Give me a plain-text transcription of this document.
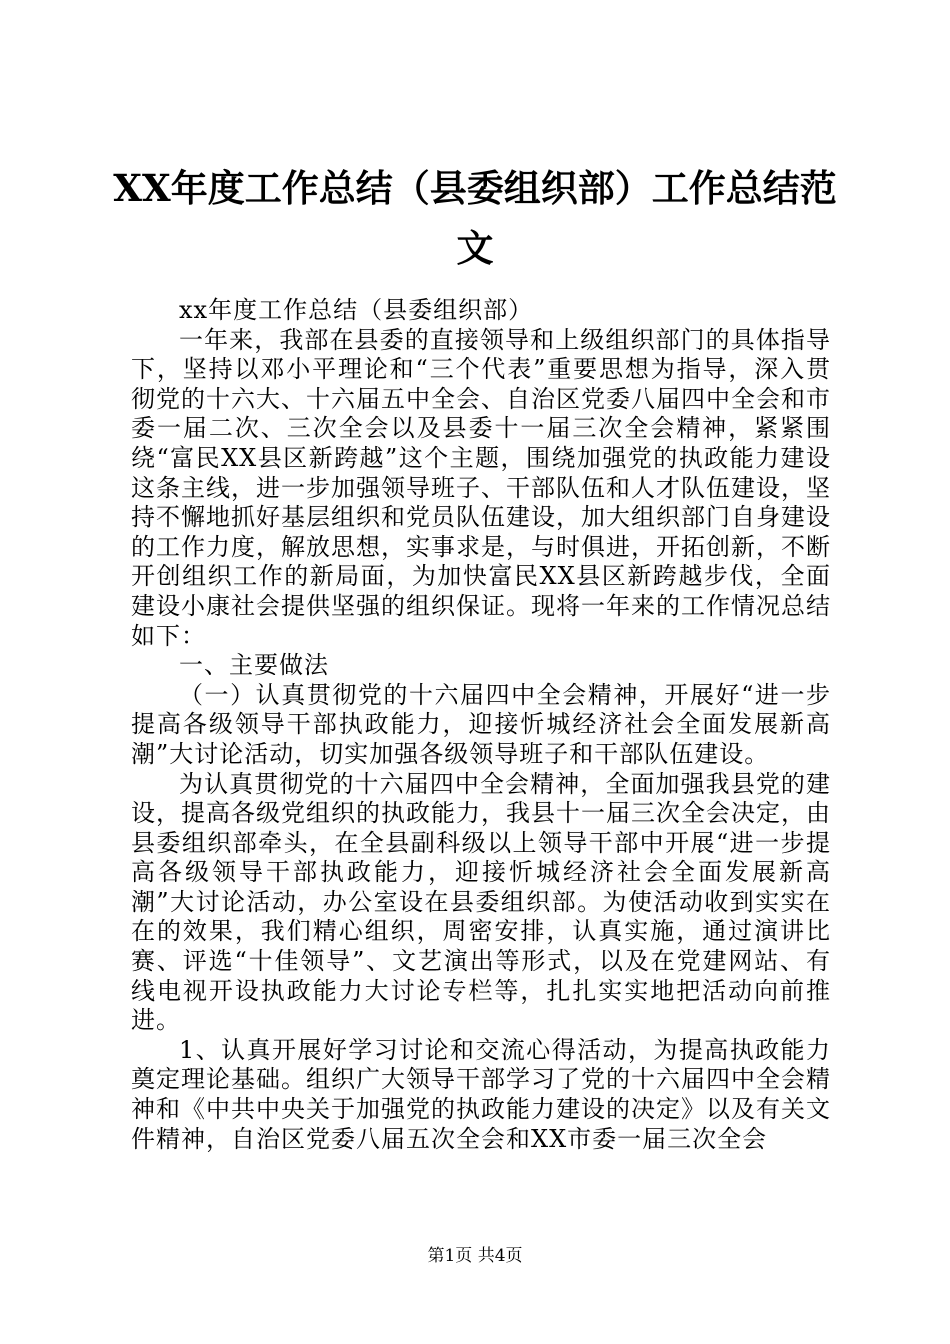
XX年度工作总结（县委组织部）工作总结范文

xx年度工作总结（县委组织部）

一年来，我部在县委的直接领导和上级组织部门的具体指导下，坚持以邓小平理论和“三个代表”重要思想为指导，深入贯彻党的十六大、十六届五中全会、自治区党委八届四中全会和市委一届二次、三次全会以及县委十一届三次全会精神，紧紧围绕“富民XX县区新跨越”这个主题，围绕加强党的执政能力建设这条主线，进一步加强领导班子、干部队伍和人才队伍建设，坚持不懈地抓好基层组织和党员队伍建设，加大组织部门自身建设的工作力度，解放思想，实事求是，与时俱进，开拓创新，不断开创组织工作的新局面，为加快富民XX县区新跨越步伐，全面建设小康社会提供坚强的组织保证。现将一年来的工作情况总结如下：

一、主要做法

（一）认真贯彻党的十六届四中全会精神，开展好“进一步提高各级领导干部执政能力，迎接忻城经济社会全面发展新高潮”大讨论活动，切实加强各级领导班子和干部队伍建设。

为认真贯彻党的十六届四中全会精神，全面加强我县党的建设，提高各级党组织的执政能力，我县十一届三次全会决定，由县委组织部牵头，在全县副科级以上领导干部中开展“进一步提高各级领导干部执政能力，迎接忻城经济社会全面发展新高潮”大讨论活动，办公室设在县委组织部。为使活动收到实实在在的效果，我们精心组织，周密安排，认真实施，通过演讲比赛、评选“十佳领导”、文艺演出等形式，以及在党建网站、有线电视开设执政能力大讨论专栏等，扎扎实实地把活动向前推进。

1、认真开展好学习讨论和交流心得活动，为提高执政能力奠定理论基础。组织广大领导干部学习了党的十六届四中全会精神和《中共中央关于加强党的执政能力建设的决定》以及有关文件精神，自治区党委八届五次全会和XX市委一届三次全会

第1页 共4页
